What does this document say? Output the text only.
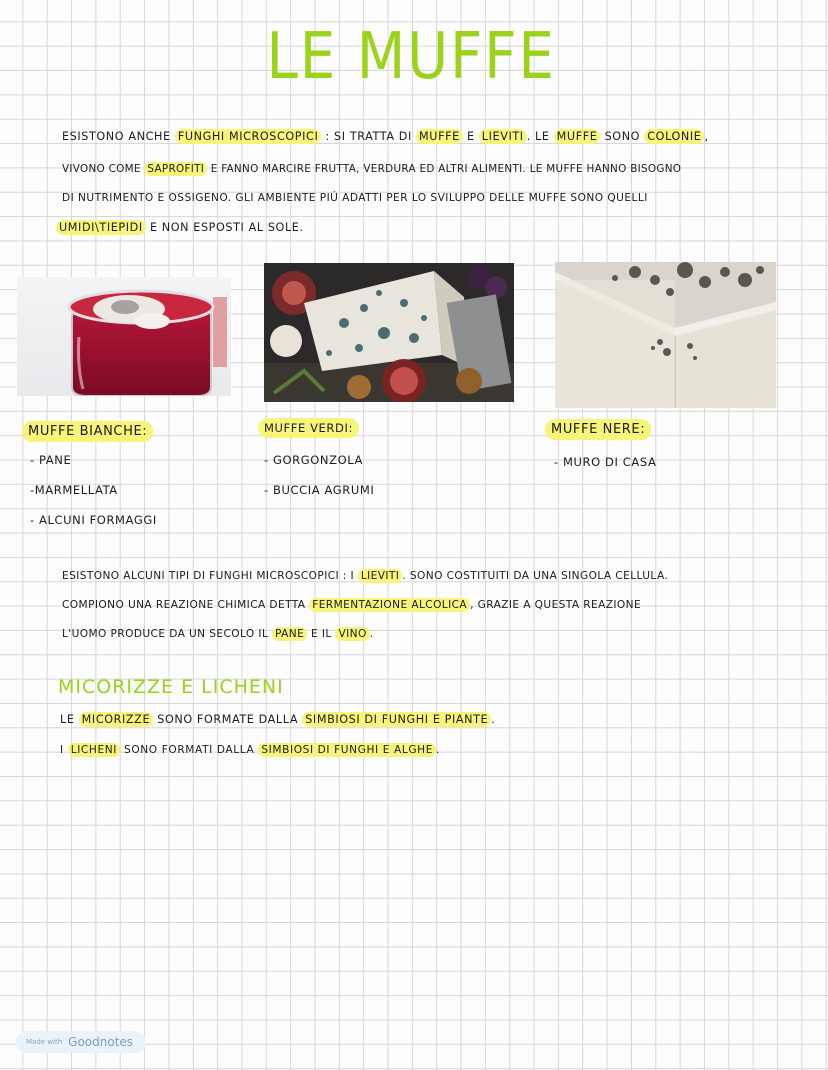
LE MUFFE
ESISTONO ANCHE FUNGHI MICROSCOPICI : SI TRATTA DI MUFFE E LIEVITI . LE MUFFE SONO COLONIE ,
VIVONO COME SAPROFITI E FANNO MARCIRE FRUTTA, VERDURA ED ALTRI ALIMENTI. LE MUFFE HANNO BISOGNO
DI NUTRIMENTO E OSSIGENO. GLI AMBIENTE PIÚ ADATTI PER LO SVILUPPO DELLE MUFFE SONO QUELLI
UMIDI\TIEPIDI E NON ESPOSTI AL SOLE.
MUFFE BIANCHE:
- PANE
-MARMELLATA
- ALCUNI FORMAGGI
MUFFE VERDI:
- GORGONZOLA
- BUCCIA AGRUMI
MUFFE NERE:
- MURO DI CASA
ESISTONO ALCUNI TIPI DI FUNGHI MICROSCOPICI : I LIEVITI . SONO COSTITUITI DA UNA SINGOLA CELLULA.
COMPIONO UNA REAZIONE CHIMICA DETTA FERMENTAZIONE ALCOLICA , GRAZIE A QUESTA REAZIONE
L'UOMO PRODUCE DA UN SECOLO IL PANE E IL VINO .
MICORIZZE E LICHENI
LE MICORIZZE SONO FORMATE DALLA SIMBIOSI DI FUNGHI E PIANTE .
I LICHENI SONO FORMATI DALLA SIMBIOSI DI FUNGHI E ALGHE .
Made with Goodnotes
